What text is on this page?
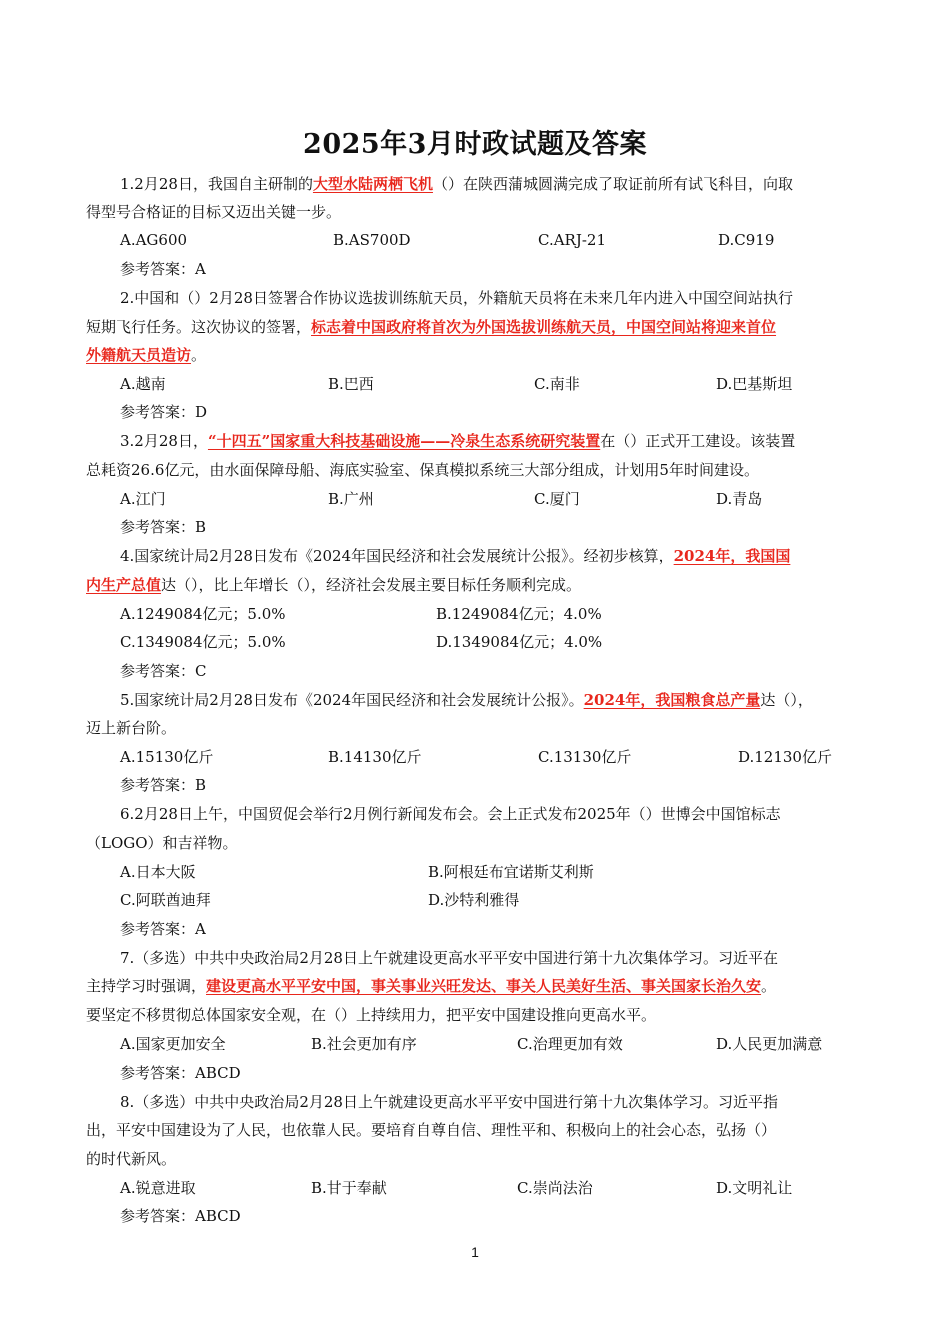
2025年3月时政试题及答案
1.2月28日，我国自主研制的大型水陆两栖飞机（）在陕西蒲城圆满完成了取证前所有试飞科目，向取
得型号合格证的目标又迈出关键一步。
A.AG600	B.AS700D	C.ARJ-21	D.C919
参考答案：A
2.中国和（）2月28日签署合作协议选拔训练航天员，外籍航天员将在未来几年内进入中国空间站执行
短期飞行任务。这次协议的签署，标志着中国政府将首次为外国选拔训练航天员，中国空间站将迎来首位
外籍航天员造访。
A.越南	B.巴西	C.南非	D.巴基斯坦
参考答案：D
3.2月28日，“十四五”国家重大科技基础设施——冷泉生态系统研究装置在（）正式开工建设。该装置
总耗资26.6亿元，由水面保障母船、海底实验室、保真模拟系统三大部分组成，计划用5年时间建设。
A.江门	B.广州	C.厦门	D.青岛
参考答案：B
4.国家统计局2月28日发布《2024年国民经济和社会发展统计公报》。经初步核算，2024年，我国国
内生产总值达（），比上年增长（），经济社会发展主要目标任务顺利完成。
A.1249084亿元；5.0%	B.1249084亿元；4.0%
C.1349084亿元；5.0%	D.1349084亿元；4.0%
参考答案：C
5.国家统计局2月28日发布《2024年国民经济和社会发展统计公报》。2024年，我国粮食总产量达（），
迈上新台阶。
A.15130亿斤	B.14130亿斤	C.13130亿斤	D.12130亿斤
参考答案：B
6.2月28日上午，中国贸促会举行2月例行新闻发布会。会上正式发布2025年（）世博会中国馆标志
（LOGO）和吉祥物。
A.日本大阪	B.阿根廷布宜诺斯艾利斯
C.阿联酋迪拜	D.沙特利雅得
参考答案：A
7.（多选）中共中央政治局2月28日上午就建设更高水平平安中国进行第十九次集体学习。习近平在
主持学习时强调，建设更高水平平安中国，事关事业兴旺发达、事关人民美好生活、事关国家长治久安。
要坚定不移贯彻总体国家安全观，在（）上持续用力，把平安中国建设推向更高水平。
A.国家更加安全	B.社会更加有序	C.治理更加有效	D.人民更加满意
参考答案：ABCD
8.（多选）中共中央政治局2月28日上午就建设更高水平平安中国进行第十九次集体学习。习近平指
出，平安中国建设为了人民，也依靠人民。要培育自尊自信、理性平和、积极向上的社会心态，弘扬（）
的时代新风。
A.锐意进取	B.甘于奉献	C.崇尚法治	D.文明礼让
参考答案：ABCD
1
